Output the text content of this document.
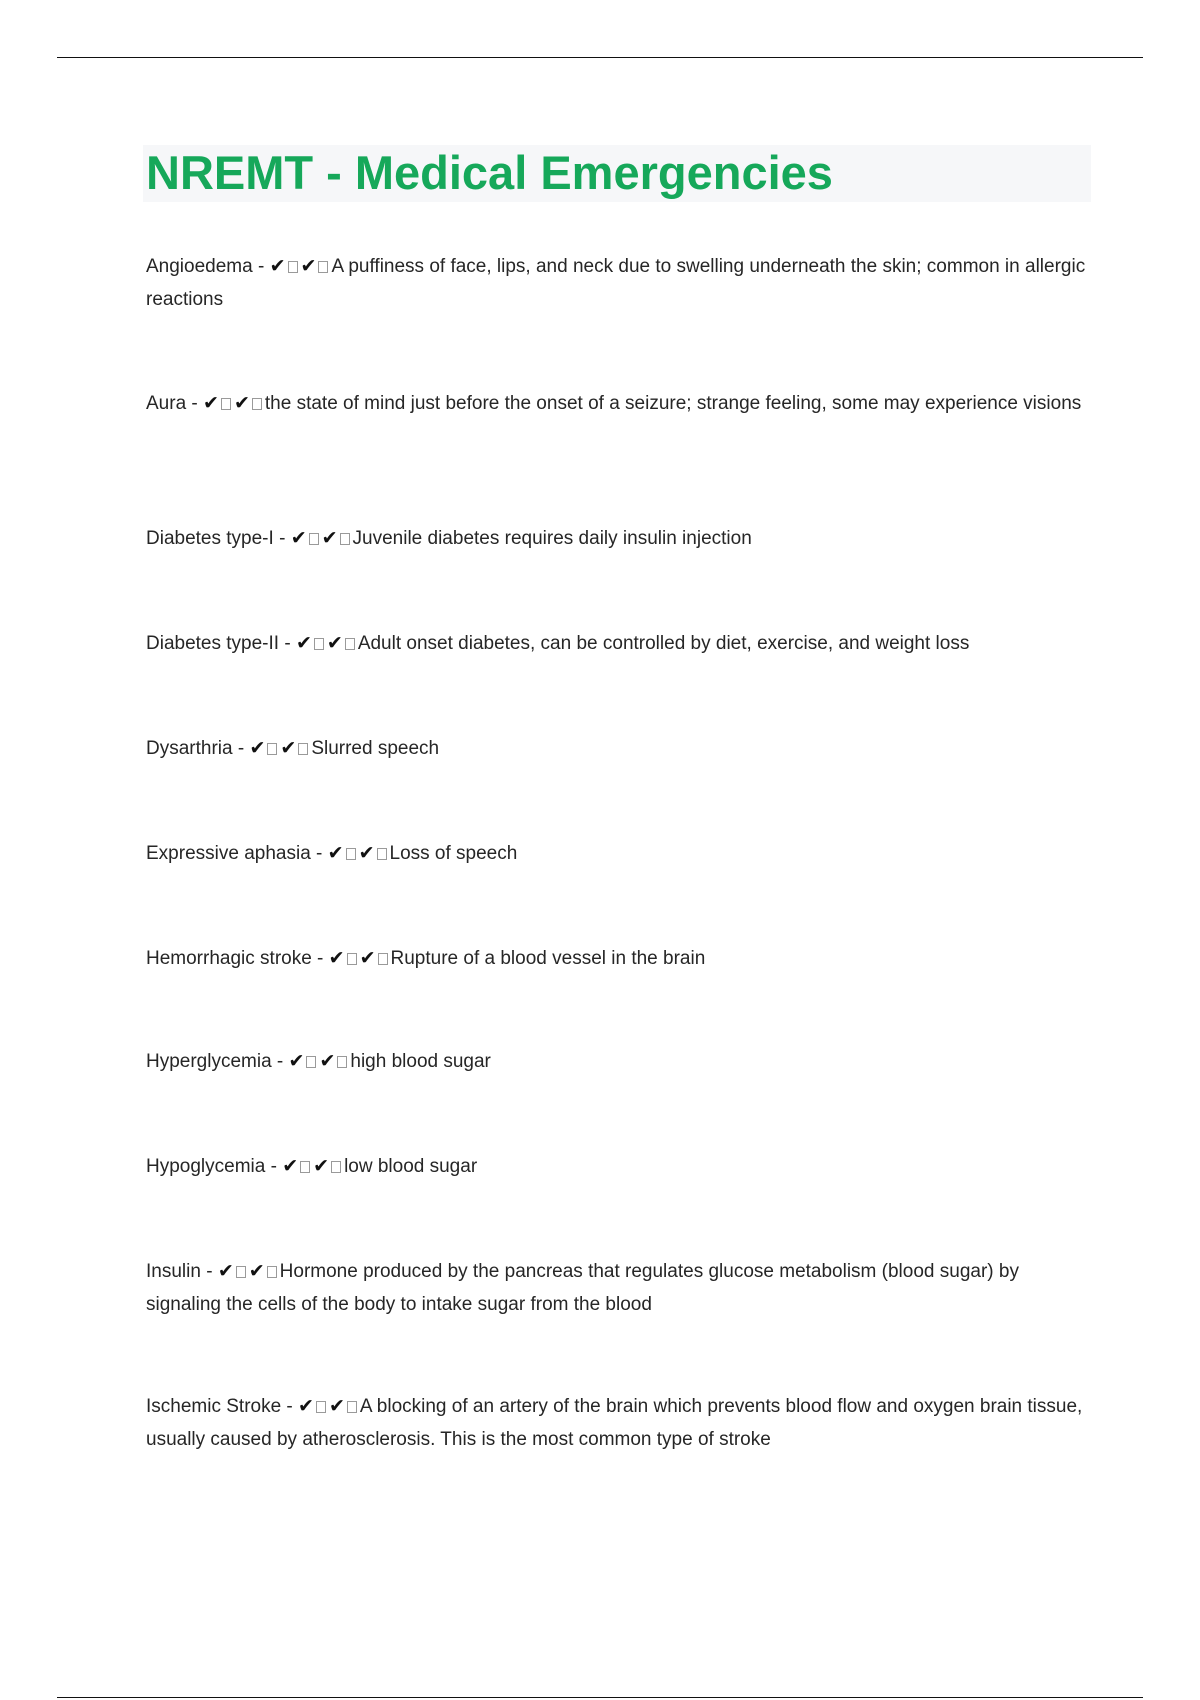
NREMT - Medical Emergencies

Angioedema - ✔ ✔ A puffiness of face, lips, and neck due to swelling underneath the skin; common in allergic reactions

Aura - ✔ ✔ the state of mind just before the onset of a seizure; strange feeling, some may experience visions

Diabetes type-I - ✔ ✔ Juvenile diabetes requires daily insulin injection

Diabetes type-II - ✔ ✔ Adult onset diabetes, can be controlled by diet, exercise, and weight loss

Dysarthria - ✔ ✔ Slurred speech

Expressive aphasia - ✔ ✔ Loss of speech

Hemorrhagic stroke - ✔ ✔ Rupture of a blood vessel in the brain

Hyperglycemia - ✔ ✔ high blood sugar

Hypoglycemia - ✔ ✔ low blood sugar

Insulin - ✔ ✔ Hormone produced by the pancreas that regulates glucose metabolism (blood sugar) by signaling the cells of the body to intake sugar from the blood

Ischemic Stroke - ✔ ✔ A blocking of an artery of the brain which prevents blood flow and oxygen brain tissue, usually caused by atherosclerosis. This is the most common type of stroke
